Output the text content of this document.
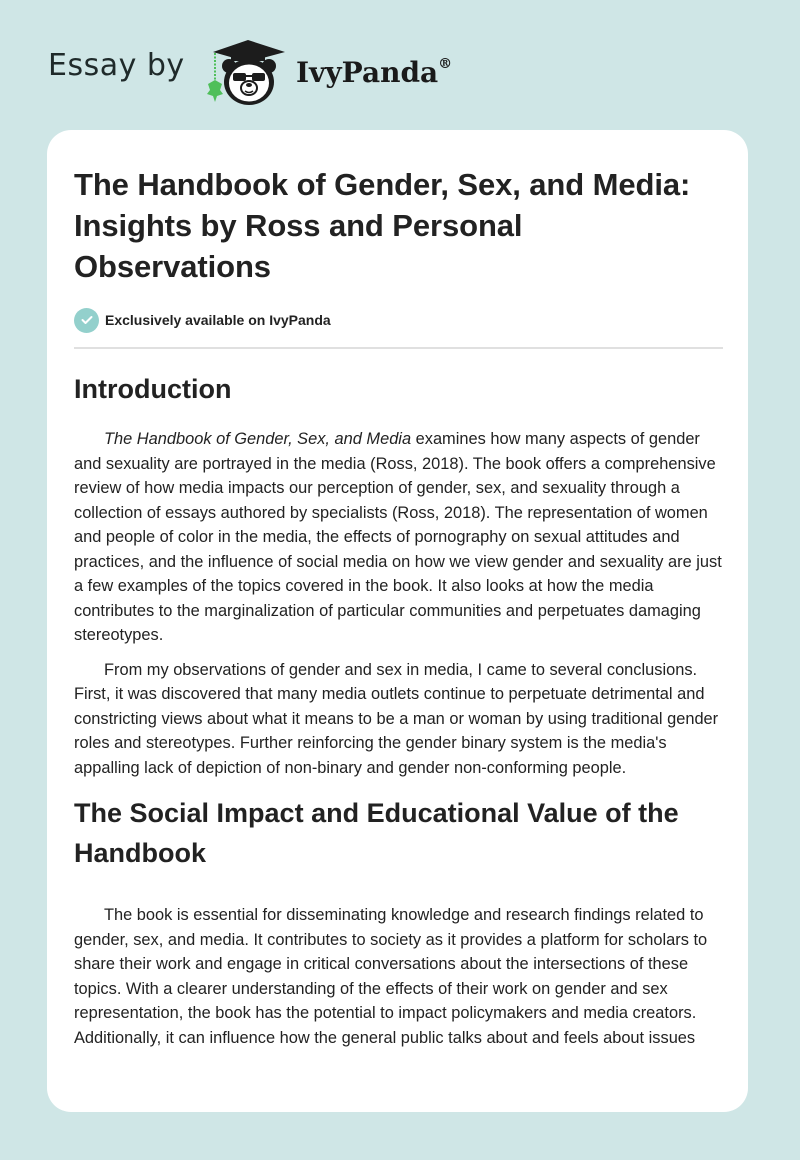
Essay by	IvyPanda®
The Handbook of Gender, Sex, and Media: Insights by Ross and Personal Observations
Exclusively available on IvyPanda
Introduction

The Handbook of Gender, Sex, and Media examines how many aspects of gender and sexuality are portrayed in the media (Ross, 2018). The book offers a comprehensive review of how media impacts our perception of gender, sex, and sexuality through a collection of essays authored by specialists (Ross, 2018). The representation of women and people of color in the media, the effects of pornography on sexual attitudes and practices, and the influence of social media on how we view gender and sexuality are just a few examples of the topics covered in the book. It also looks at how the media contributes to the marginalization of particular communities and perpetuates damaging stereotypes.

From my observations of gender and sex in media, I came to several conclusions. First, it was discovered that many media outlets continue to perpetuate detrimental and constricting views about what it means to be a man or woman by using traditional gender roles and stereotypes. Further reinforcing the gender binary system is the media's appalling lack of depiction of non-binary and gender non-conforming people.

The Social Impact and Educational Value of the Handbook

The book is essential for disseminating knowledge and research findings related to gender, sex, and media. It contributes to society as it provides a platform for scholars to share their work and engage in critical conversations about the intersections of these topics. With a clearer understanding of the effects of their work on gender and sex representation, the book has the potential to impact policymakers and media creators. Additionally, it can influence how the general public talks about and feels about issues
